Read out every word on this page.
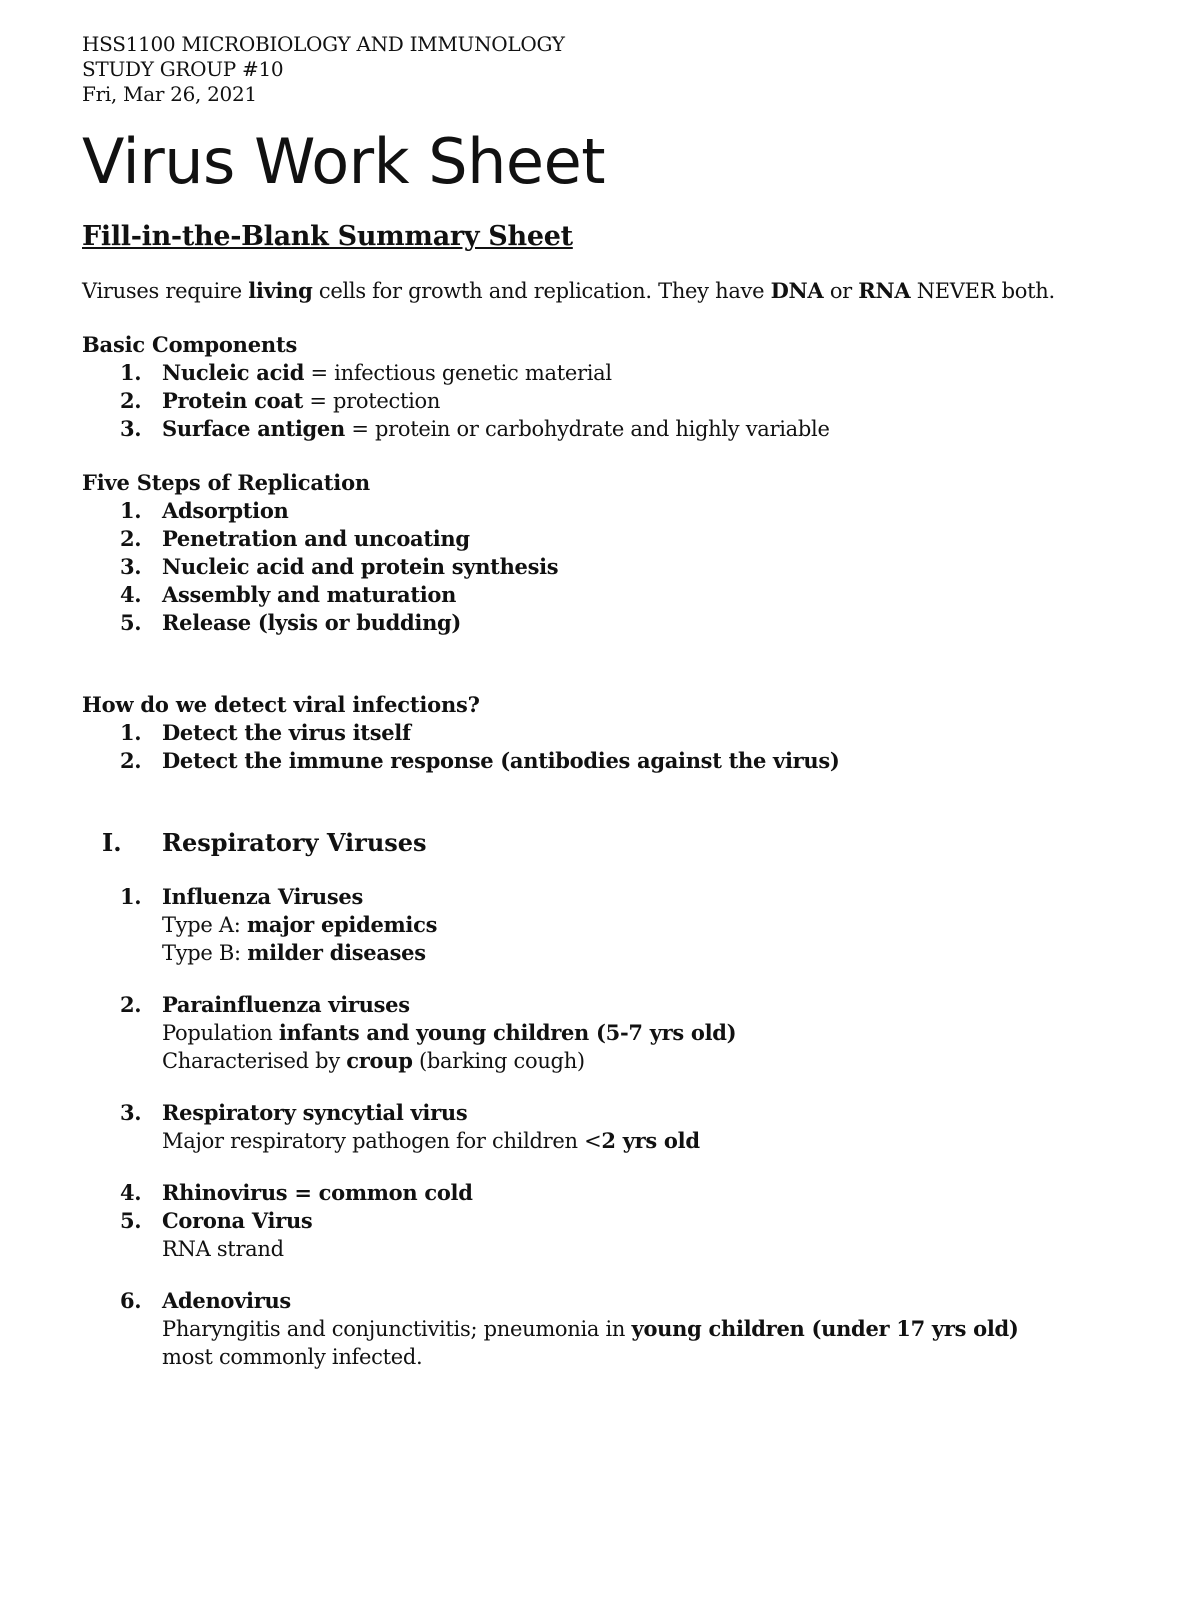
HSS1100 MICROBIOLOGY AND IMMUNOLOGY
STUDY GROUP #10
Fri, Mar 26, 2021
Virus Work Sheet
Fill-in-the-Blank Summary Sheet
Viruses require living cells for growth and replication. They have DNA or RNA NEVER both.
Basic Components
1. Nucleic acid = infectious genetic material
2. Protein coat = protection
3. Surface antigen = protein or carbohydrate and highly variable
Five Steps of Replication
1. Adsorption
2. Penetration and uncoating
3. Nucleic acid and protein synthesis
4. Assembly and maturation
5. Release (lysis or budding)
How do we detect viral infections?
1. Detect the virus itself
2. Detect the immune response (antibodies against the virus)
I. Respiratory Viruses
1. Influenza Viruses
Type A: major epidemics
Type B: milder diseases
2. Parainfluenza viruses
Population infants and young children (5-7 yrs old)
Characterised by croup (barking cough)
3. Respiratory syncytial virus
Major respiratory pathogen for children <2 yrs old
4. Rhinovirus = common cold
5. Corona Virus
RNA strand
6. Adenovirus
Pharyngitis and conjunctivitis; pneumonia in young children (under 17 yrs old)
most commonly infected.
